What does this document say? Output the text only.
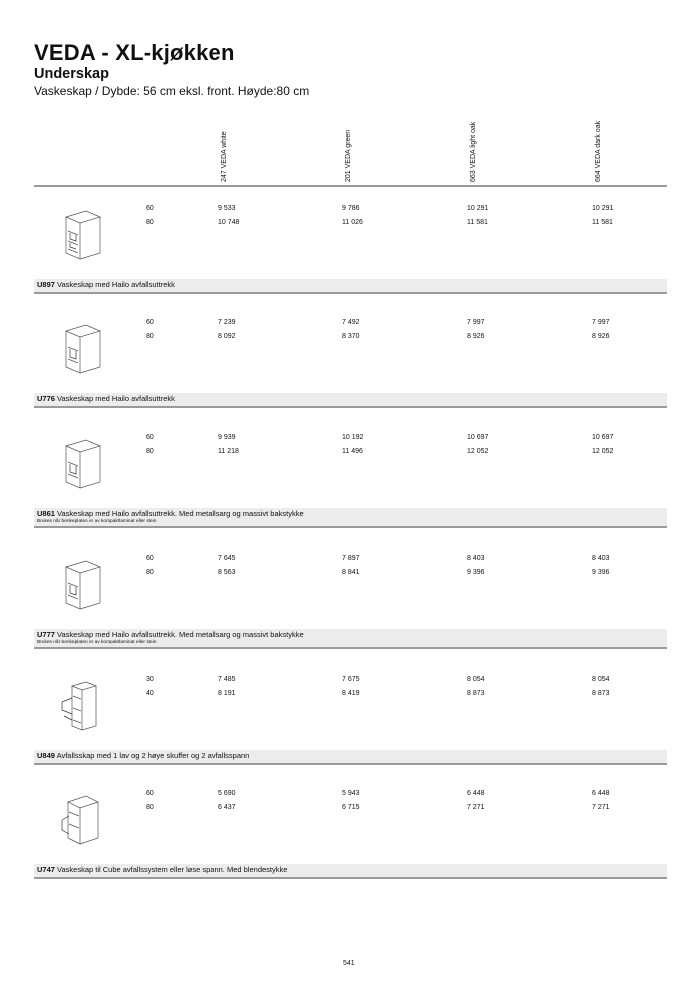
VEDA - XL-kjøkken
Underskap
Vaskeskap / Dybde: 56 cm eksl. front. Høyde:80 cm
247 VEDA white	201 VEDA green	663 VEDA light oak	664 VEDA dark oak
60	9 533	9 786	10 291	10 291
80	10 748	11 026	11 581	11 581
U897 Vaskeskap med Hailo avfallsuttrekk
60	7 239	7 492	7 997	7 997
80	8 092	8 370	8 926	8 926
U776 Vaskeskap med Hailo avfallsuttrekk
60	9 939	10 192	10 697	10 697
80	11 218	11 496	12 052	12 052
U861 Vaskeskap med Hailo avfallsuttrekk. Med metallsarg og massivt bakstykke
Brukes når benkeplaten er av kompaktlaminat eller stein
60	7 645	7 897	8 403	8 403
80	8 563	8 841	9 396	9 396
U777 Vaskeskap med Hailo avfallsuttrekk. Med metallsarg og massivt bakstykke
Brukes når benkeplaten er av kompaktlaminat eller stein
30	7 485	7 675	8 054	8 054
40	8 191	8 419	8 873	8 873
U849 Avfallsskap med 1 lav og 2 høye skuffer og 2 avfallsspann
60	5 690	5 943	6 448	6 448
80	6 437	6 715	7 271	7 271
U747 Vaskeskap til Cube avfallssystem eller løse spann. Med blendestykke
541
